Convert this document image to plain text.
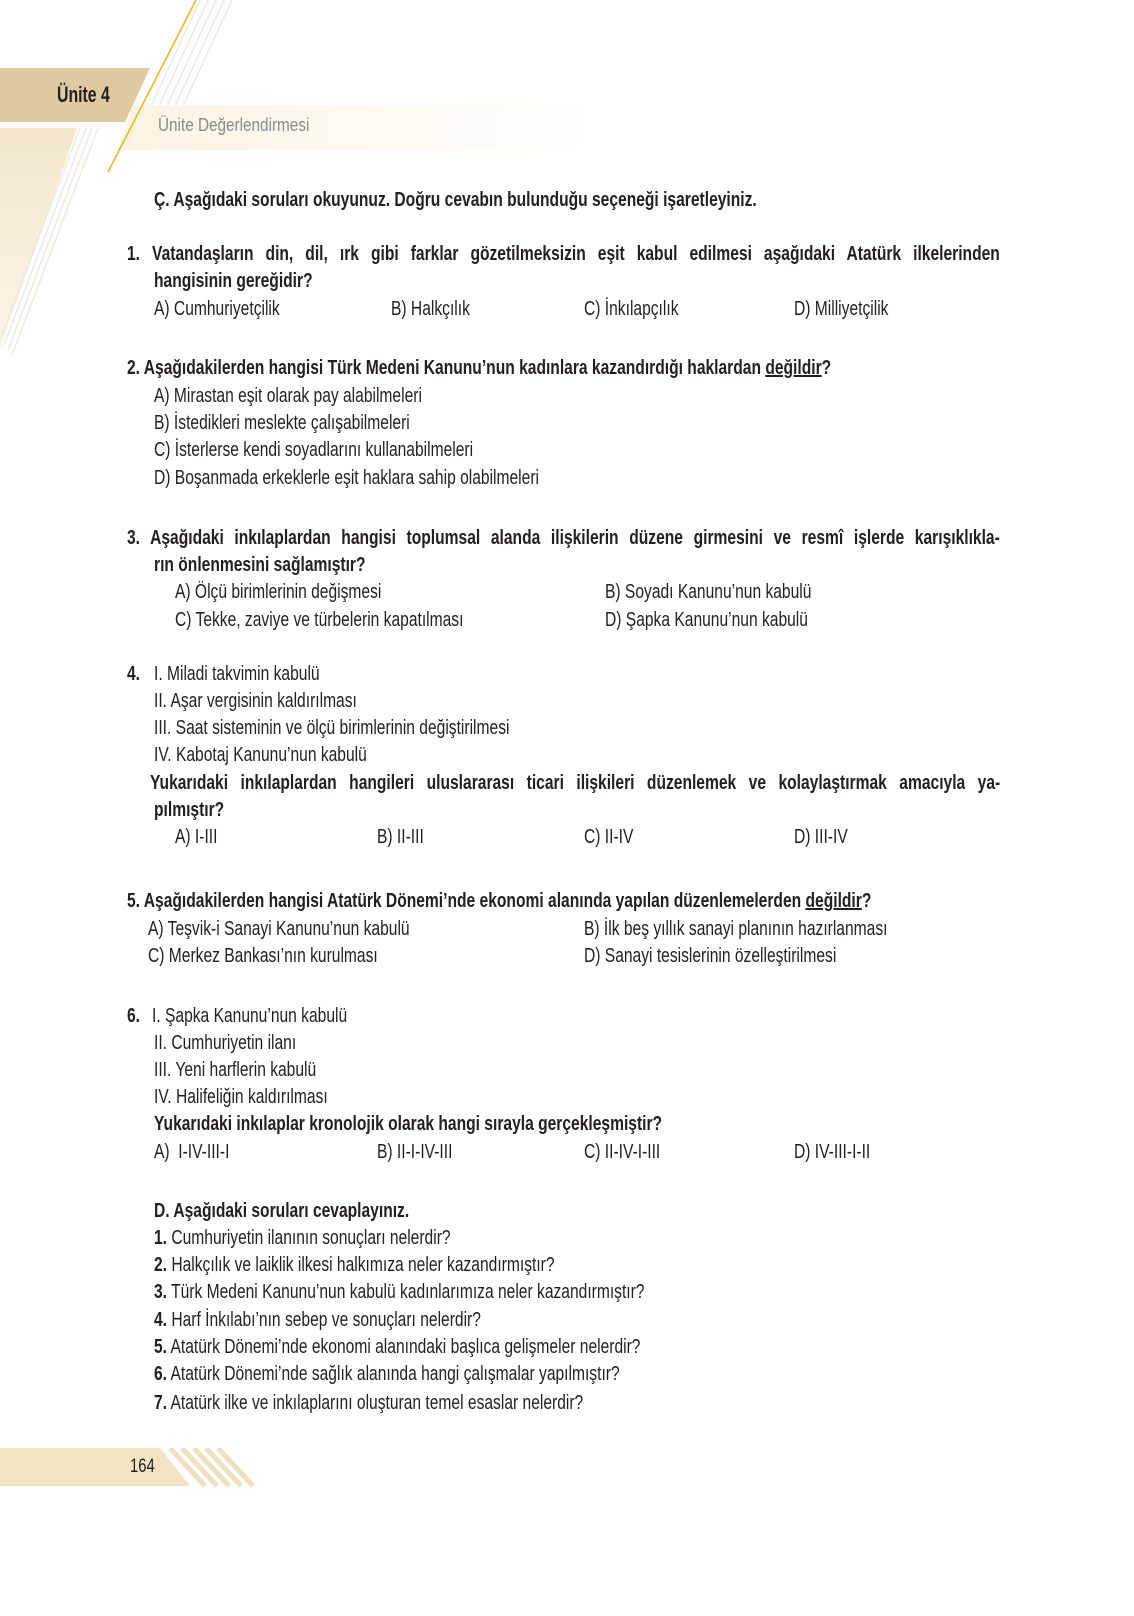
Ünite 4
Ünite Değerlendirmesi
Ç. Aşağıdaki soruları okuyunuz. Doğru cevabın bulunduğu seçeneği işaretleyiniz.
1. Vatandaşların din, dil, ırk gibi farklar gözetilmeksizin eşit kabul edilmesi aşağıdaki Atatürk ilkelerinden
hangisinin gereğidir?
A) Cumhuriyetçilik	B) Halkçılık	C) İnkılapçılık	D) Milliyetçilik
2. Aşağıdakilerden hangisi Türk Medeni Kanunu’nun kadınlara kazandırdığı haklardan değildir?
A) Mirastan eşit olarak pay alabilmeleri
B) İstedikleri meslekte çalışabilmeleri
C) İsterlerse kendi soyadlarını kullanabilmeleri
D) Boşanmada erkeklerle eşit haklara sahip olabilmeleri
3. Aşağıdaki inkılaplardan hangisi toplumsal alanda ilişkilerin düzene girmesini ve resmî işlerde karışıklıkla-
rın önlenmesini sağlamıştır?
A) Ölçü birimlerinin değişmesi	B) Soyadı Kanunu’nun kabulü
C) Tekke, zaviye ve türbelerin kapatılması	D) Şapka Kanunu’nun kabulü
4. I. Miladi takvimin kabulü
II. Aşar vergisinin kaldırılması
III. Saat sisteminin ve ölçü birimlerinin değiştirilmesi
IV. Kabotaj Kanunu’nun kabulü
Yukarıdaki inkılaplardan hangileri uluslararası ticari ilişkileri düzenlemek ve kolaylaştırmak amacıyla ya-
pılmıştır?
A) I-III	B) II-III	C) II-IV	D) III-IV
5. Aşağıdakilerden hangisi Atatürk Dönemi’nde ekonomi alanında yapılan düzenlemelerden değildir?
A) Teşvik-i Sanayi Kanunu’nun kabulü	B) İlk beş yıllık sanayi planının hazırlanması
C) Merkez Bankası’nın kurulması	D) Sanayi tesislerinin özelleştirilmesi
6. I. Şapka Kanunu’nun kabulü
II. Cumhuriyetin ilanı
III. Yeni harflerin kabulü
IV. Halifeliğin kaldırılması
Yukarıdaki inkılaplar kronolojik olarak hangi sırayla gerçekleşmiştir?
A)  I-IV-III-I	B) II-I-IV-III	C) II-IV-I-III	D) IV-III-I-II
D. Aşağıdaki soruları cevaplayınız.
1. Cumhuriyetin ilanının sonuçları nelerdir?
2. Halkçılık ve laiklik ilkesi halkımıza neler kazandırmıştır?
3. Türk Medeni Kanunu’nun kabulü kadınlarımıza neler kazandırmıştır?
4. Harf İnkılabı’nın sebep ve sonuçları nelerdir?
5. Atatürk Dönemi’nde ekonomi alanındaki başlıca gelişmeler nelerdir?
6. Atatürk Dönemi’nde sağlık alanında hangi çalışmalar yapılmıştır?
7. Atatürk ilke ve inkılaplarını oluşturan temel esaslar nelerdir?
164
